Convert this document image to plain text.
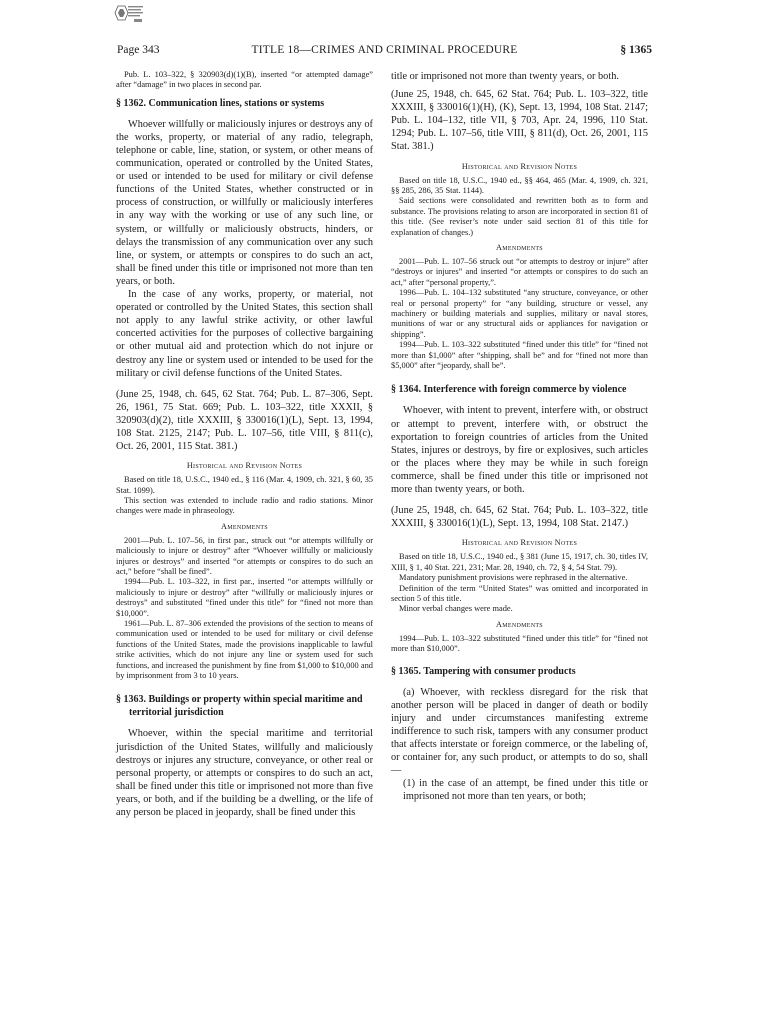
Page 343	TITLE 18—CRIMES AND CRIMINAL PROCEDURE	§ 1365

Pub. L. 103–322, § 320903(d)(1)(B), inserted “or attempted damage” after “damage” in two places in second par.

§ 1362. Communication lines, stations or systems

Whoever willfully or maliciously injures or destroys any of the works, property, or material of any radio, telegraph, telephone or cable, line, station, or system, or other means of communication, operated or controlled by the United States, or used or intended to be used for military or civil defense functions of the United States, whether constructed or in process of construction, or willfully or maliciously interferes in any way with the working or use of any such line, or system, or willfully or maliciously obstructs, hinders, or delays the transmission of any communication over any such line, or system, or attempts or conspires to do such an act, shall be fined under this title or imprisoned not more than ten years, or both.

In the case of any works, property, or material, not operated or controlled by the United States, this section shall not apply to any lawful strike activity, or other lawful concerted activities for the purposes of collective bargaining or other mutual aid and protection which do not injure or destroy any line or system used or intended to be used for the military or civil defense functions of the United States.

(June 25, 1948, ch. 645, 62 Stat. 764; Pub. L. 87–306, Sept. 26, 1961, 75 Stat. 669; Pub. L. 103–322, title XXXII, § 320903(d)(2), title XXXIII, § 330016(1)(L), Sept. 13, 1994, 108 Stat. 2125, 2147; Pub. L. 107–56, title VIII, § 811(c), Oct. 26, 2001, 115 Stat. 381.)

Historical and Revision Notes

Based on title 18, U.S.C., 1940 ed., § 116 (Mar. 4, 1909, ch. 321, § 60, 35 Stat. 1099).

This section was extended to include radio and radio stations. Minor changes were made in phraseology.

Amendments

2001—Pub. L. 107–56, in first par., struck out “or attempts willfully or maliciously to injure or destroy” after “Whoever willfully or maliciously injures or destroys” and inserted “or attempts or conspires to do such an act,” before “shall be fined”.

1994—Pub. L. 103–322, in first par., inserted “or attempts willfully or maliciously to injure or destroy” after “willfully or maliciously injures or destroys” and substituted “fined under this title” for “fined not more than $10,000”.

1961—Pub. L. 87–306 extended the provisions of the section to means of communication used or intended to be used for military or civil defense functions of the United States, made the provisions inapplicable to lawful strike activities, which do not injure any line or system used for such functions, and increased the punishment by fine from $1,000 to $10,000 and by imprisonment from 3 to 10 years.

§ 1363. Buildings or property within special maritime and territorial jurisdiction

Whoever, within the special maritime and territorial jurisdiction of the United States, willfully and maliciously destroys or injures any structure, conveyance, or other real or personal property, or attempts or conspires to do such an act, shall be fined under this title or imprisoned not more than five years, or both, and if the building be a dwelling, or the life of any person be placed in jeopardy, shall be fined under this

title or imprisoned not more than twenty years, or both.

(June 25, 1948, ch. 645, 62 Stat. 764; Pub. L. 103–322, title XXXIII, § 330016(1)(H), (K), Sept. 13, 1994, 108 Stat. 2147; Pub. L. 104–132, title VII, § 703, Apr. 24, 1996, 110 Stat. 1294; Pub. L. 107–56, title VIII, § 811(d), Oct. 26, 2001, 115 Stat. 381.)

Historical and Revision Notes

Based on title 18, U.S.C., 1940 ed., §§ 464, 465 (Mar. 4, 1909, ch. 321, §§ 285, 286, 35 Stat. 1144).

Said sections were consolidated and rewritten both as to form and substance. The provisions relating to arson are incorporated in section 81 of this title. (See reviser’s note under said section 81 of this title for explanation of changes.)

Amendments

2001—Pub. L. 107–56 struck out “or attempts to destroy or injure” after “destroys or injures” and inserted “or attempts or conspires to do such an act,” after “personal property,”.

1996—Pub. L. 104–132 substituted “any structure, conveyance, or other real or personal property” for “any building, structure or vessel, any machinery or building materials and supplies, military or naval stores, munitions of war or any structural aids or appliances for navigation or shipping”.

1994—Pub. L. 103–322 substituted “fined under this title” for “fined not more than $1,000” after “shipping, shall be” and for “fined not more than $5,000” after “jeopardy, shall be”.

§ 1364. Interference with foreign commerce by violence

Whoever, with intent to prevent, interfere with, or obstruct or attempt to prevent, interfere with, or obstruct the exportation to foreign countries of articles from the United States, injures or destroys, by fire or explosives, such articles or the places where they may be while in such foreign commerce, shall be fined under this title or imprisoned not more than twenty years, or both.

(June 25, 1948, ch. 645, 62 Stat. 764; Pub. L. 103–322, title XXXIII, § 330016(1)(L), Sept. 13, 1994, 108 Stat. 2147.)

Historical and Revision Notes

Based on title 18, U.S.C., 1940 ed., § 381 (June 15, 1917, ch. 30, titles IV, XIII, § 1, 40 Stat. 221, 231; Mar. 28, 1940, ch. 72, § 4, 54 Stat. 79).

Mandatory punishment provisions were rephrased in the alternative.

Definition of the term “United States” was omitted and incorporated in section 5 of this title.

Minor verbal changes were made.

Amendments

1994—Pub. L. 103–322 substituted “fined under this title” for “fined not more than $10,000”.

§ 1365. Tampering with consumer products

(a) Whoever, with reckless disregard for the risk that another person will be placed in danger of death or bodily injury and under circumstances manifesting extreme indifference to such risk, tampers with any consumer product that affects interstate or foreign commerce, or the labeling of, or container for, any such product, or attempts to do so, shall—

(1) in the case of an attempt, be fined under this title or imprisoned not more than ten years, or both;
